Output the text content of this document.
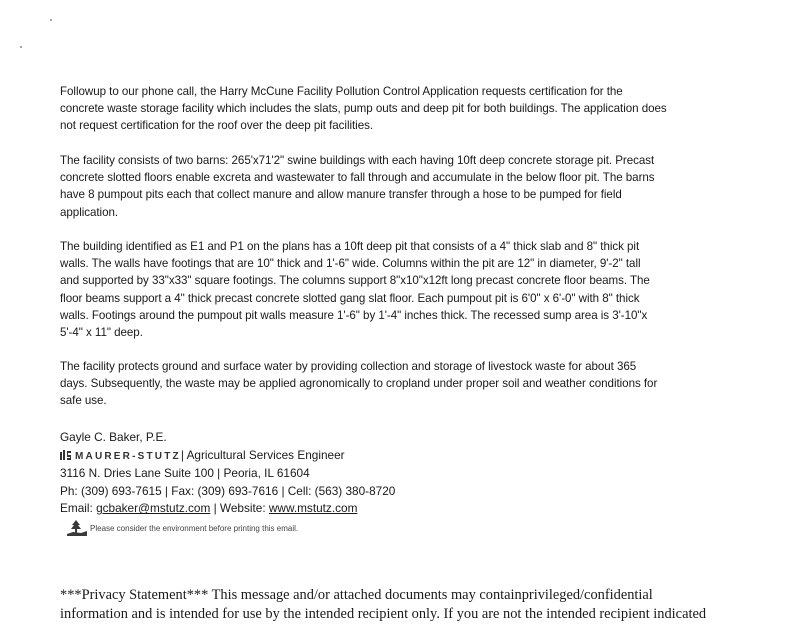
Followup to our phone call, the Harry McCune Facility Pollution Control Application requests certification for the
concrete waste storage facility which includes the slats, pump outs and deep pit for both buildings. The application does
not request certification for the roof over the deep pit facilities.
The facility consists of two barns: 265'x71'2" swine buildings with each having 10ft deep concrete storage pit. Precast
concrete slotted floors enable excreta and wastewater to fall through and accumulate in the below floor pit. The barns
have 8 pumpout pits each that collect manure and allow manure transfer through a hose to be pumped for field
application.
The building identified as E1 and P1 on the plans has a 10ft deep pit that consists of a 4" thick slab and 8" thick pit
walls. The walls have footings that are 10" thick and 1'-6" wide. Columns within the pit are 12" in diameter, 9'-2" tall
and supported by 33"x33" square footings. The columns support 8"x10"x12ft long precast concrete floor beams. The
floor beams support a 4" thick precast concrete slotted gang slat floor. Each pumpout pit is 6'0" x 6'-0" with 8" thick
walls. Footings around the pumpout pit walls measure 1'-6" by 1'-4" inches thick. The recessed sump area is 3'-10"x
5'-4" x 11" deep.
The facility protects ground and surface water by providing collection and storage of livestock waste for about 365
days. Subsequently, the waste may be applied agronomically to cropland under proper soil and weather conditions for
safe use.
Gayle C. Baker, P.E.
MAURER-STUTZ| Agricultural Services Engineer
3116 N. Dries Lane Suite 100 | Peoria, IL 61604
Ph: (309) 693-7615 | Fax: (309) 693-7616 | Cell: (563) 380-8720
Email: gcbaker@mstutz.com | Website: www.mstutz.com
Please consider the environment before printing this email.
***Privacy Statement*** This message and/or attached documents may containprivileged/confidential
information and is intended for use by the intended recipient only. If you are not the intended recipient indicated
